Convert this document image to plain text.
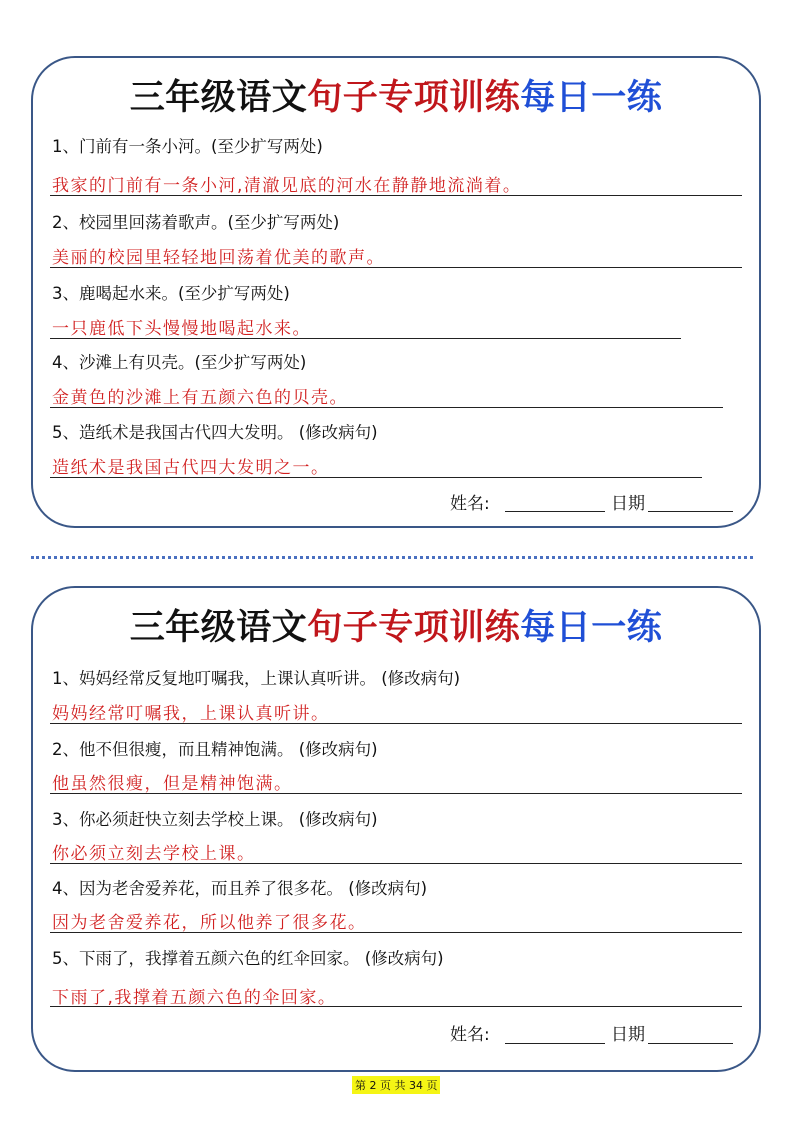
三年级语文句子专项训练每日一练
1、门前有一条小河。(至少扩写两处)
我家的门前有一条小河,清澈见底的河水在静静地流淌着。
2、校园里回荡着歌声。(至少扩写两处)
美丽的校园里轻轻地回荡着优美的歌声。
3、鹿喝起水来。(至少扩写两处)
一只鹿低下头慢慢地喝起水来。
4、沙滩上有贝壳。(至少扩写两处)
金黄色的沙滩上有五颜六色的贝壳。
5、造纸术是我国古代四大发明。 (修改病句)
造纸术是我国古代四大发明之一。
姓名:	日期
三年级语文句子专项训练每日一练
1、妈妈经常反复地叮嘱我，上课认真听讲。 (修改病句)
妈妈经常叮嘱我，上课认真听讲。
2、他不但很瘦，而且精神饱满。 (修改病句)
他虽然很瘦，但是精神饱满。
3、你必须赶快立刻去学校上课。 (修改病句)
你必须立刻去学校上课。
4、因为老舍爱养花，而且养了很多花。 (修改病句)
因为老舍爱养花，所以他养了很多花。
5、下雨了，我撑着五颜六色的红伞回家。 (修改病句)
下雨了,我撑着五颜六色的伞回家。
姓名:	日期
第 2 页 共 34 页
